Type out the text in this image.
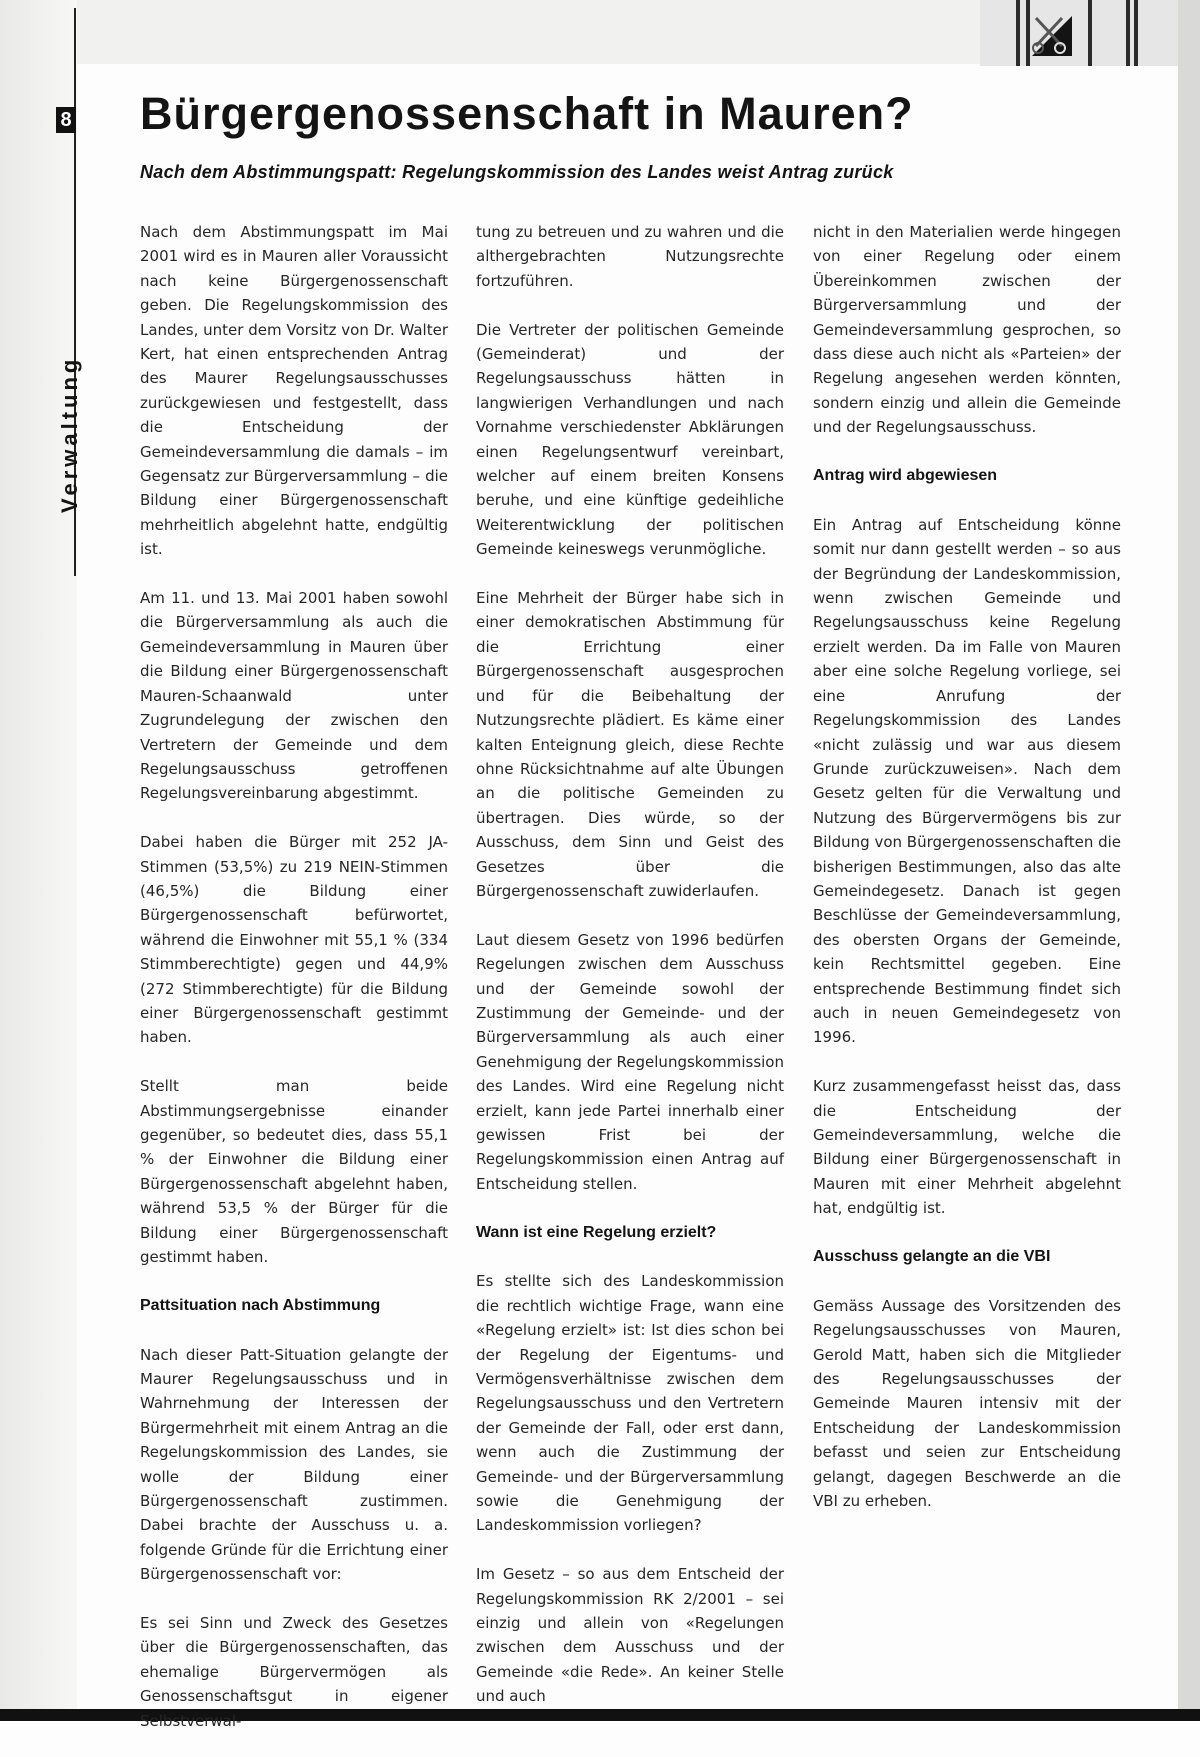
8
Verwaltung
Bürgergenossenschaft in Mauren?
Nach dem Abstimmungspatt: Regelungskommission des Landes weist Antrag zurück

Nach dem Abstimmungspatt im Mai 2001 wird es in Mauren aller Voraussicht nach keine Bürgergenossenschaft geben. Die Regelungskommission des Landes, unter dem Vorsitz von Dr. Walter Kert, hat einen entsprechenden Antrag des Maurer Regelungsausschusses zurückgewiesen und festgestellt, dass die Entscheidung der Gemeindeversammlung die damals – im Gegensatz zur Bürgerversammlung – die Bildung einer Bürgergenossenschaft mehrheitlich abgelehnt hatte, endgültig ist.

Am 11. und 13. Mai 2001 haben sowohl die Bürgerversammlung als auch die Gemeindeversammlung in Mauren über die Bildung einer Bürgergenossenschaft Mauren-Schaanwald unter Zugrundelegung der zwischen den Vertretern der Gemeinde und dem Regelungsausschuss getroffenen Regelungsvereinbarung abgestimmt.

Dabei haben die Bürger mit 252 JA-Stimmen (53,5%) zu 219 NEIN-Stimmen (46,5%) die Bildung einer Bürgergenossenschaft befürwortet, während die Einwohner mit 55,1 % (334 Stimmberechtigte) gegen und 44,9% (272 Stimmberechtigte) für die Bildung einer Bürgergenossenschaft gestimmt haben.

Stellt man beide Abstimmungsergebnisse einander gegenüber, so bedeutet dies, dass 55,1 % der Einwohner die Bildung einer Bürgergenossenschaft abgelehnt haben, während 53,5 % der Bürger für die Bildung einer Bürgergenossenschaft gestimmt haben.

Pattsituation nach Abstimmung

Nach dieser Patt-Situation gelangte der Maurer Regelungsausschuss und in Wahrnehmung der Interessen der Bürgermehrheit mit einem Antrag an die Regelungskommission des Landes, sie wolle der Bildung einer Bürgergenossenschaft zustimmen. Dabei brachte der Ausschuss u. a. folgende Gründe für die Errichtung einer Bürgergenossenschaft vor:

Es sei Sinn und Zweck des Gesetzes über die Bürgergenossenschaften, das ehemalige Bürgervermögen als Genossenschaftsgut in eigener Selbstverwal-

tung zu betreuen und zu wahren und die althergebrachten Nutzungsrechte fortzuführen.

Die Vertreter der politischen Gemeinde (Gemeinderat) und der Regelungsausschuss hätten in langwierigen Verhandlungen und nach Vornahme verschiedenster Abklärungen einen Regelungsentwurf vereinbart, welcher auf einem breiten Konsens beruhe, und eine künftige gedeihliche Weiterentwicklung der politischen Gemeinde keineswegs verunmögliche.

Eine Mehrheit der Bürger habe sich in einer demokratischen Abstimmung für die Errichtung einer Bürgergenossenschaft ausgesprochen und für die Beibehaltung der Nutzungsrechte plädiert. Es käme einer kalten Enteignung gleich, diese Rechte ohne Rücksichtnahme auf alte Übungen an die politische Gemeinden zu übertragen. Dies würde, so der Ausschuss, dem Sinn und Geist des Gesetzes über die Bürgergenossenschaft zuwiderlaufen.

Laut diesem Gesetz von 1996 bedürfen Regelungen zwischen dem Ausschuss und der Gemeinde sowohl der Zustimmung der Gemeinde- und der Bürgerversammlung als auch einer Genehmigung der Regelungskommission des Landes. Wird eine Regelung nicht erzielt, kann jede Partei innerhalb einer gewissen Frist bei der Regelungskommission einen Antrag auf Entscheidung stellen.

Wann ist eine Regelung erzielt?

Es stellte sich des Landeskommission die rechtlich wichtige Frage, wann eine «Regelung erzielt» ist: Ist dies schon bei der Regelung der Eigentums- und Vermögensverhältnisse zwischen dem Regelungsausschuss und den Vertretern der Gemeinde der Fall, oder erst dann, wenn auch die Zustimmung der Gemeinde- und der Bürgerversammlung sowie die Genehmigung der Landeskommission vorliegen?

Im Gesetz – so aus dem Entscheid der Regelungskommission RK 2/2001 – sei einzig und allein von «Regelungen zwischen dem Ausschuss und der Gemeinde «die Rede». An keiner Stelle und auch

nicht in den Materialien werde hingegen von einer Regelung oder einem Übereinkommen zwischen der Bürgerversammlung und der Gemeindeversammlung gesprochen, so dass diese auch nicht als «Parteien» der Regelung angesehen werden könnten, sondern einzig und allein die Gemeinde und der Regelungsausschuss.

Antrag wird abgewiesen

Ein Antrag auf Entscheidung könne somit nur dann gestellt werden – so aus der Begründung der Landeskommission, wenn zwischen Gemeinde und Regelungsausschuss keine Regelung erzielt werden. Da im Falle von Mauren aber eine solche Regelung vorliege, sei eine Anrufung der Regelungskommission des Landes «nicht zulässig und war aus diesem Grunde zurückzuweisen». Nach dem Gesetz gelten für die Verwaltung und Nutzung des Bürgervermögens bis zur Bildung von Bürgergenossenschaften die bisherigen Bestimmungen, also das alte Gemeindegesetz. Danach ist gegen Beschlüsse der Gemeindeversammlung, des obersten Organs der Gemeinde, kein Rechtsmittel gegeben. Eine entsprechende Bestimmung findet sich auch in neuen Gemeindegesetz von 1996.

Kurz zusammengefasst heisst das, dass die Entscheidung der Gemeindeversammlung, welche die Bildung einer Bürgergenossenschaft in Mauren mit einer Mehrheit abgelehnt hat, endgültig ist.

Ausschuss gelangte an die VBI

Gemäss Aussage des Vorsitzenden des Regelungsausschusses von Mauren, Gerold Matt, haben sich die Mitglieder des Regelungsausschusses der Gemeinde Mauren intensiv mit der Entscheidung der Landeskommission befasst und seien zur Entscheidung gelangt, dagegen Beschwerde an die VBI zu erheben.
